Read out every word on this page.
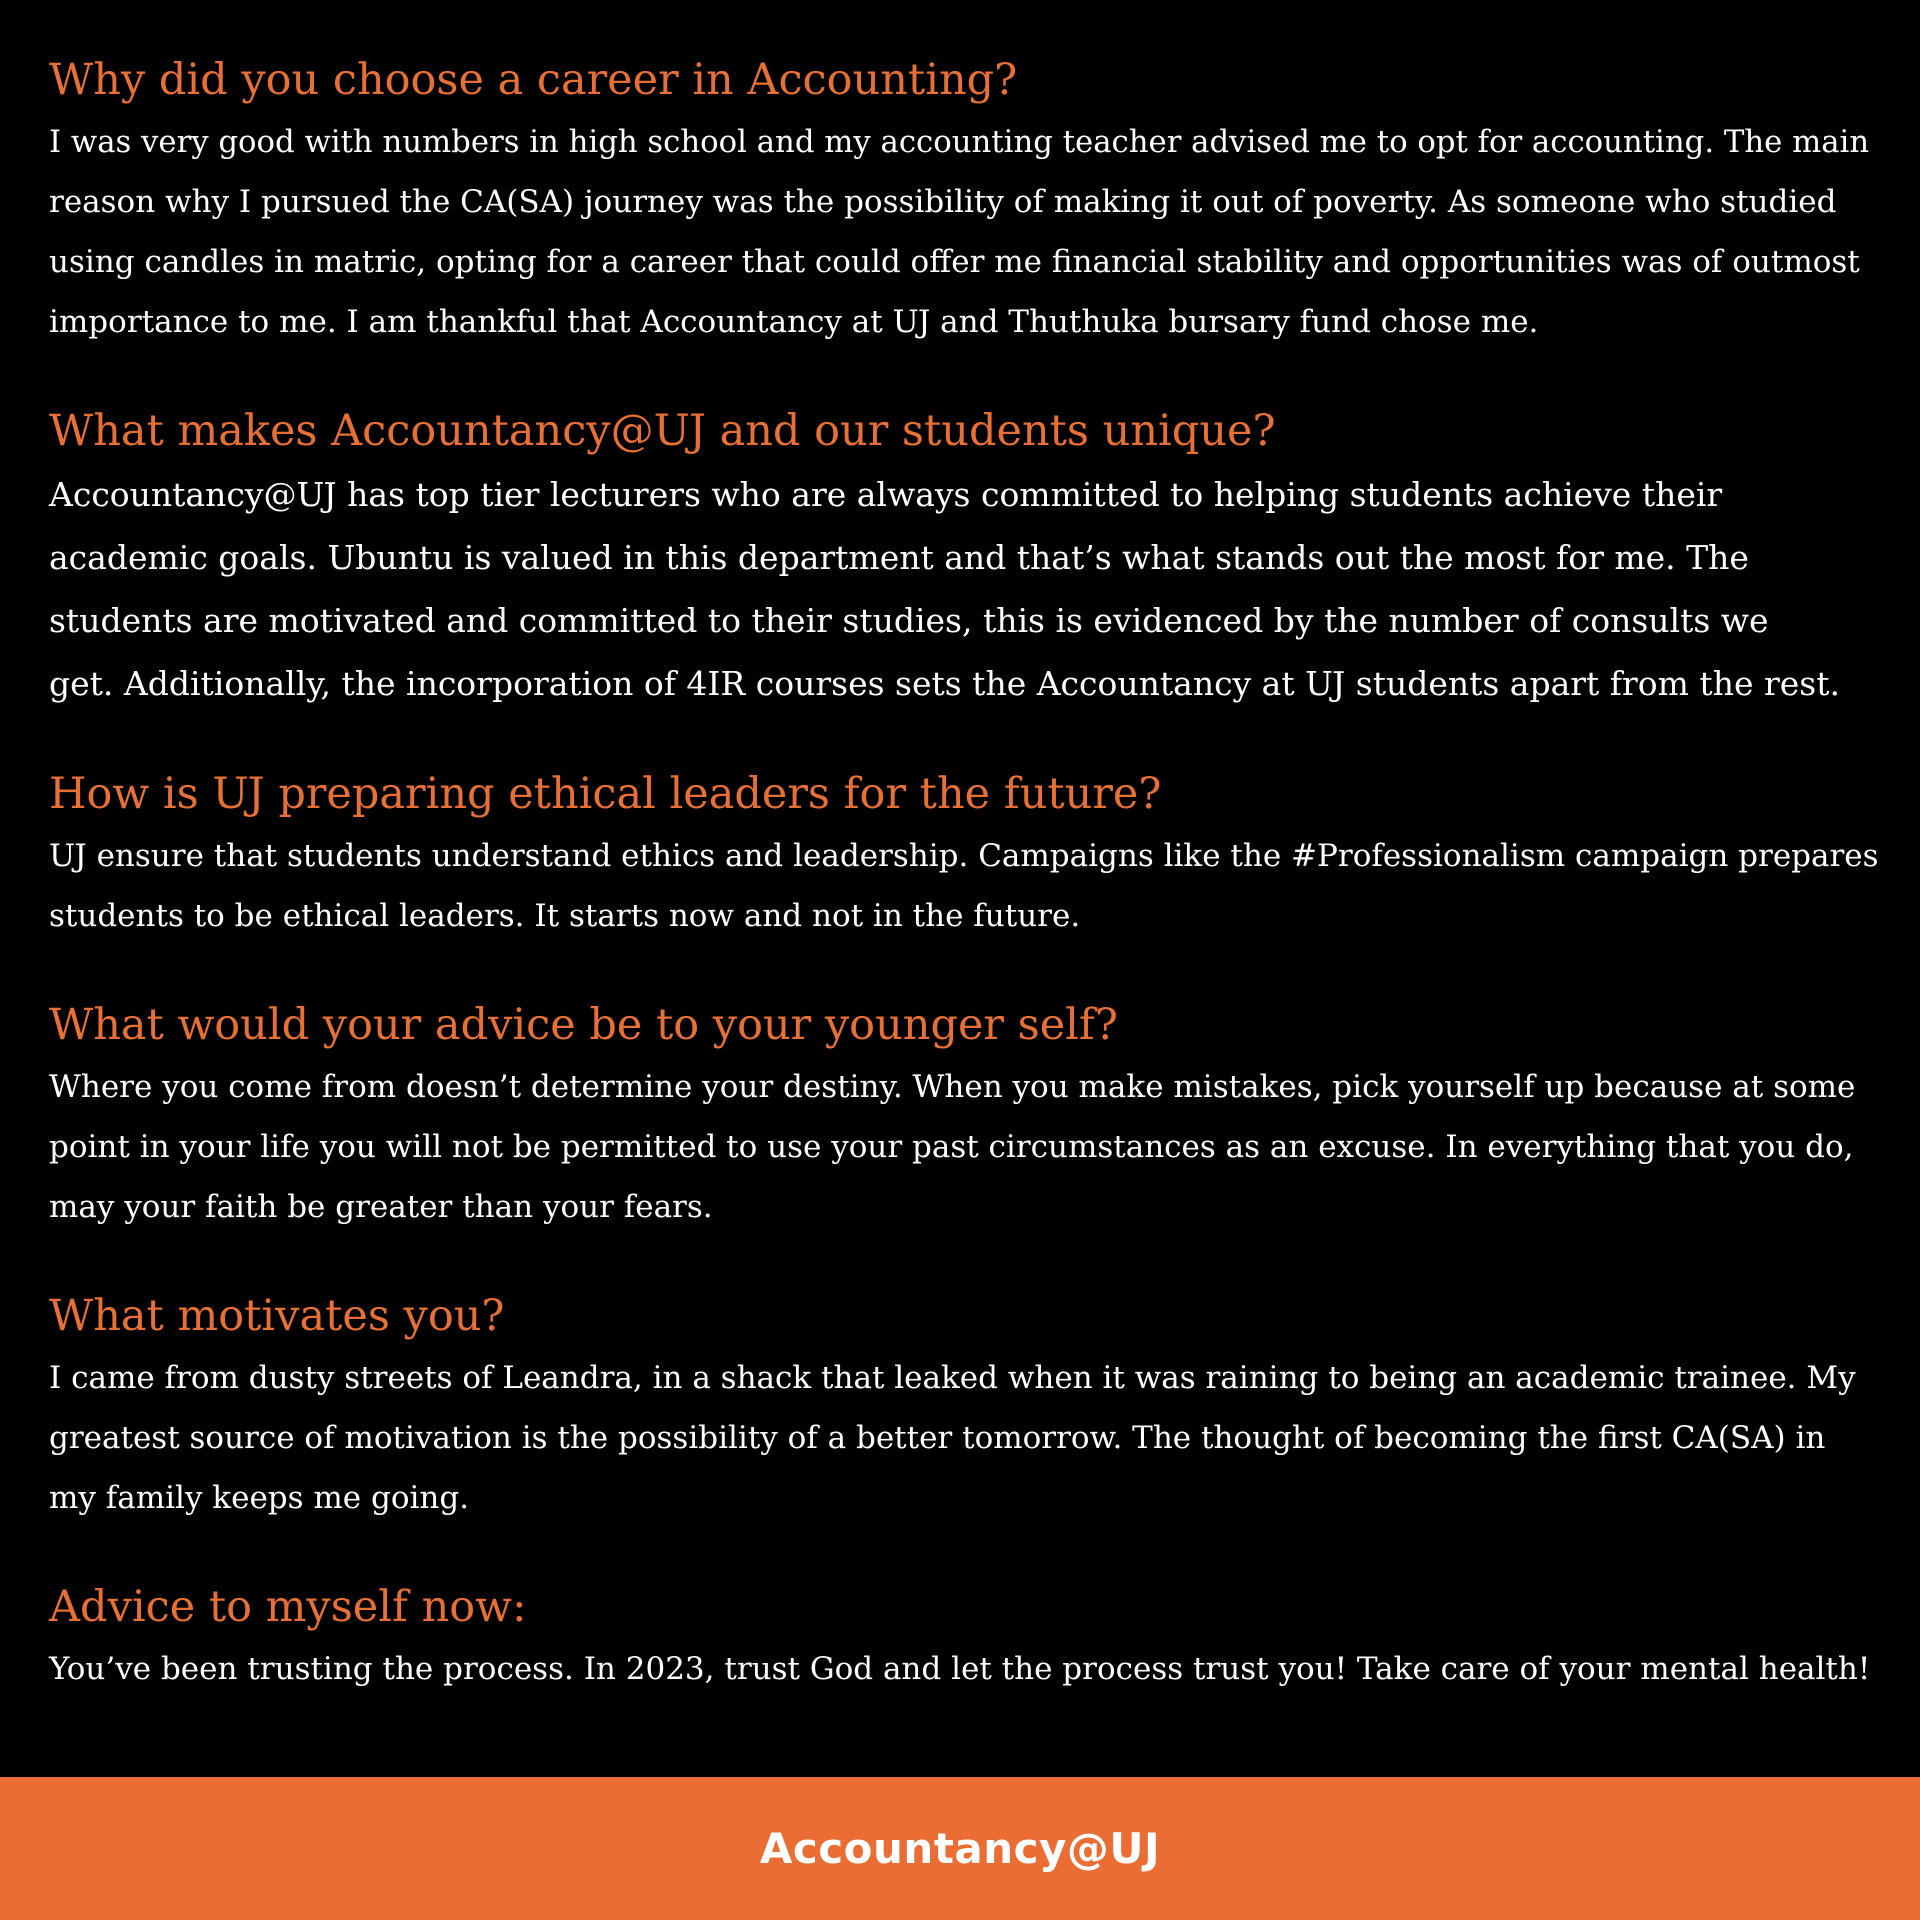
Why did you choose a career in Accounting?

I was very good with numbers in high school and my accounting teacher advised me to opt for accounting. The main
reason why I pursued the CA(SA) journey was the possibility of making it out of poverty. As someone who studied
using candles in matric, opting for a career that could offer me financial stability and opportunities was of outmost
importance to me. I am thankful that Accountancy at UJ and Thuthuka bursary fund chose me.

What makes Accountancy@UJ and our students unique?

Accountancy@UJ has top tier lecturers who are always committed to helping students achieve their
academic goals. Ubuntu is valued in this department and that’s what stands out the most for me. The
students are motivated and committed to their studies, this is evidenced by the number of consults we
get. Additionally, the incorporation of 4IR courses sets the Accountancy at UJ students apart from the rest.

How is UJ preparing ethical leaders for the future?

UJ ensure that students understand ethics and leadership. Campaigns like the #Professionalism campaign prepares
students to be ethical leaders. It starts now and not in the future.

What would your advice be to your younger self?

Where you come from doesn’t determine your destiny. When you make mistakes, pick yourself up because at some
point in your life you will not be permitted to use your past circumstances as an excuse. In everything that you do,
may your faith be greater than your fears.

What motivates you?

I came from dusty streets of Leandra, in a shack that leaked when it was raining to being an academic trainee. My
greatest source of motivation is the possibility of a better tomorrow. The thought of becoming the first CA(SA) in
my family keeps me going.

Advice to myself now:

You’ve been trusting the process. In 2023, trust God and let the process trust you! Take care of your mental health!

Accountancy@UJ
